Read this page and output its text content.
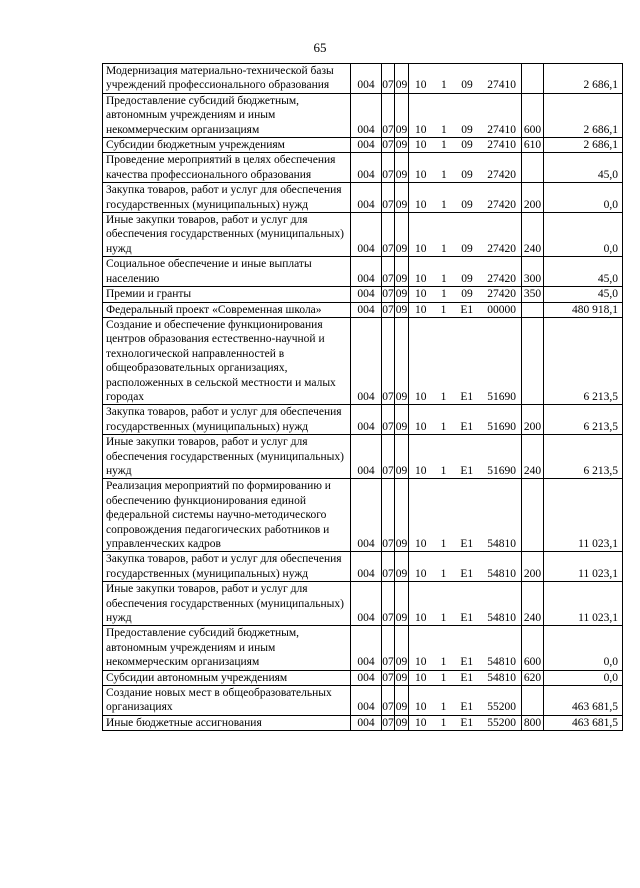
65
Модернизация материально-технической базы учреждений профессионального образования	004	07	09	10 1 09 27410		2 686,1
Предоставление субсидий бюджетным, автономным учреждениям и иным некоммерческим организациям	004	07	09	10 1 09 27410	600	2 686,1
Субсидии бюджетным учреждениям	004	07	09	10 1 09 27410	610	2 686,1
Проведение мероприятий в целях обеспечения качества профессионального образования	004	07	09	10 1 09 27420		45,0
Закупка товаров, работ и услуг для обеспечения государственных (муниципальных) нужд	004	07	09	10 1 09 27420	200	0,0
Иные закупки товаров, работ и услуг для обеспечения государственных (муниципальных) нужд	004	07	09	10 1 09 27420	240	0,0
Социальное обеспечение и иные выплаты населению	004	07	09	10 1 09 27420	300	45,0
Премии и гранты	004	07	09	10 1 09 27420	350	45,0
Федеральный проект «Современная школа»	004	07	09	10 1 E1 00000		480 918,1
Создание и обеспечение функционирования центров образования естественно-научной и технологической направленностей в общеобразовательных организациях, расположенных в сельской местности и малых городах	004	07	09	10 1 E1 51690		6 213,5
Закупка товаров, работ и услуг для обеспечения государственных (муниципальных) нужд	004	07	09	10 1 E1 51690	200	6 213,5
Иные закупки товаров, работ и услуг для обеспечения государственных (муниципальных) нужд	004	07	09	10 1 E1 51690	240	6 213,5
Реализация мероприятий по формированию и обеспечению функционирования единой федеральной системы научно-методического сопровождения педагогических работников и управленческих кадров	004	07	09	10 1 E1 54810		11 023,1
Закупка товаров, работ и услуг для обеспечения государственных (муниципальных) нужд	004	07	09	10 1 E1 54810	200	11 023,1
Иные закупки товаров, работ и услуг для обеспечения государственных (муниципальных) нужд	004	07	09	10 1 E1 54810	240	11 023,1
Предоставление субсидий бюджетным, автономным учреждениям и иным некоммерческим организациям	004	07	09	10 1 E1 54810	600	0,0
Субсидии автономным учреждениям	004	07	09	10 1 E1 54810	620	0,0
Создание новых мест в общеобразовательных организациях	004	07	09	10 1 E1 55200		463 681,5
Иные бюджетные ассигнования	004	07	09	10 1 E1 55200	800	463 681,5
